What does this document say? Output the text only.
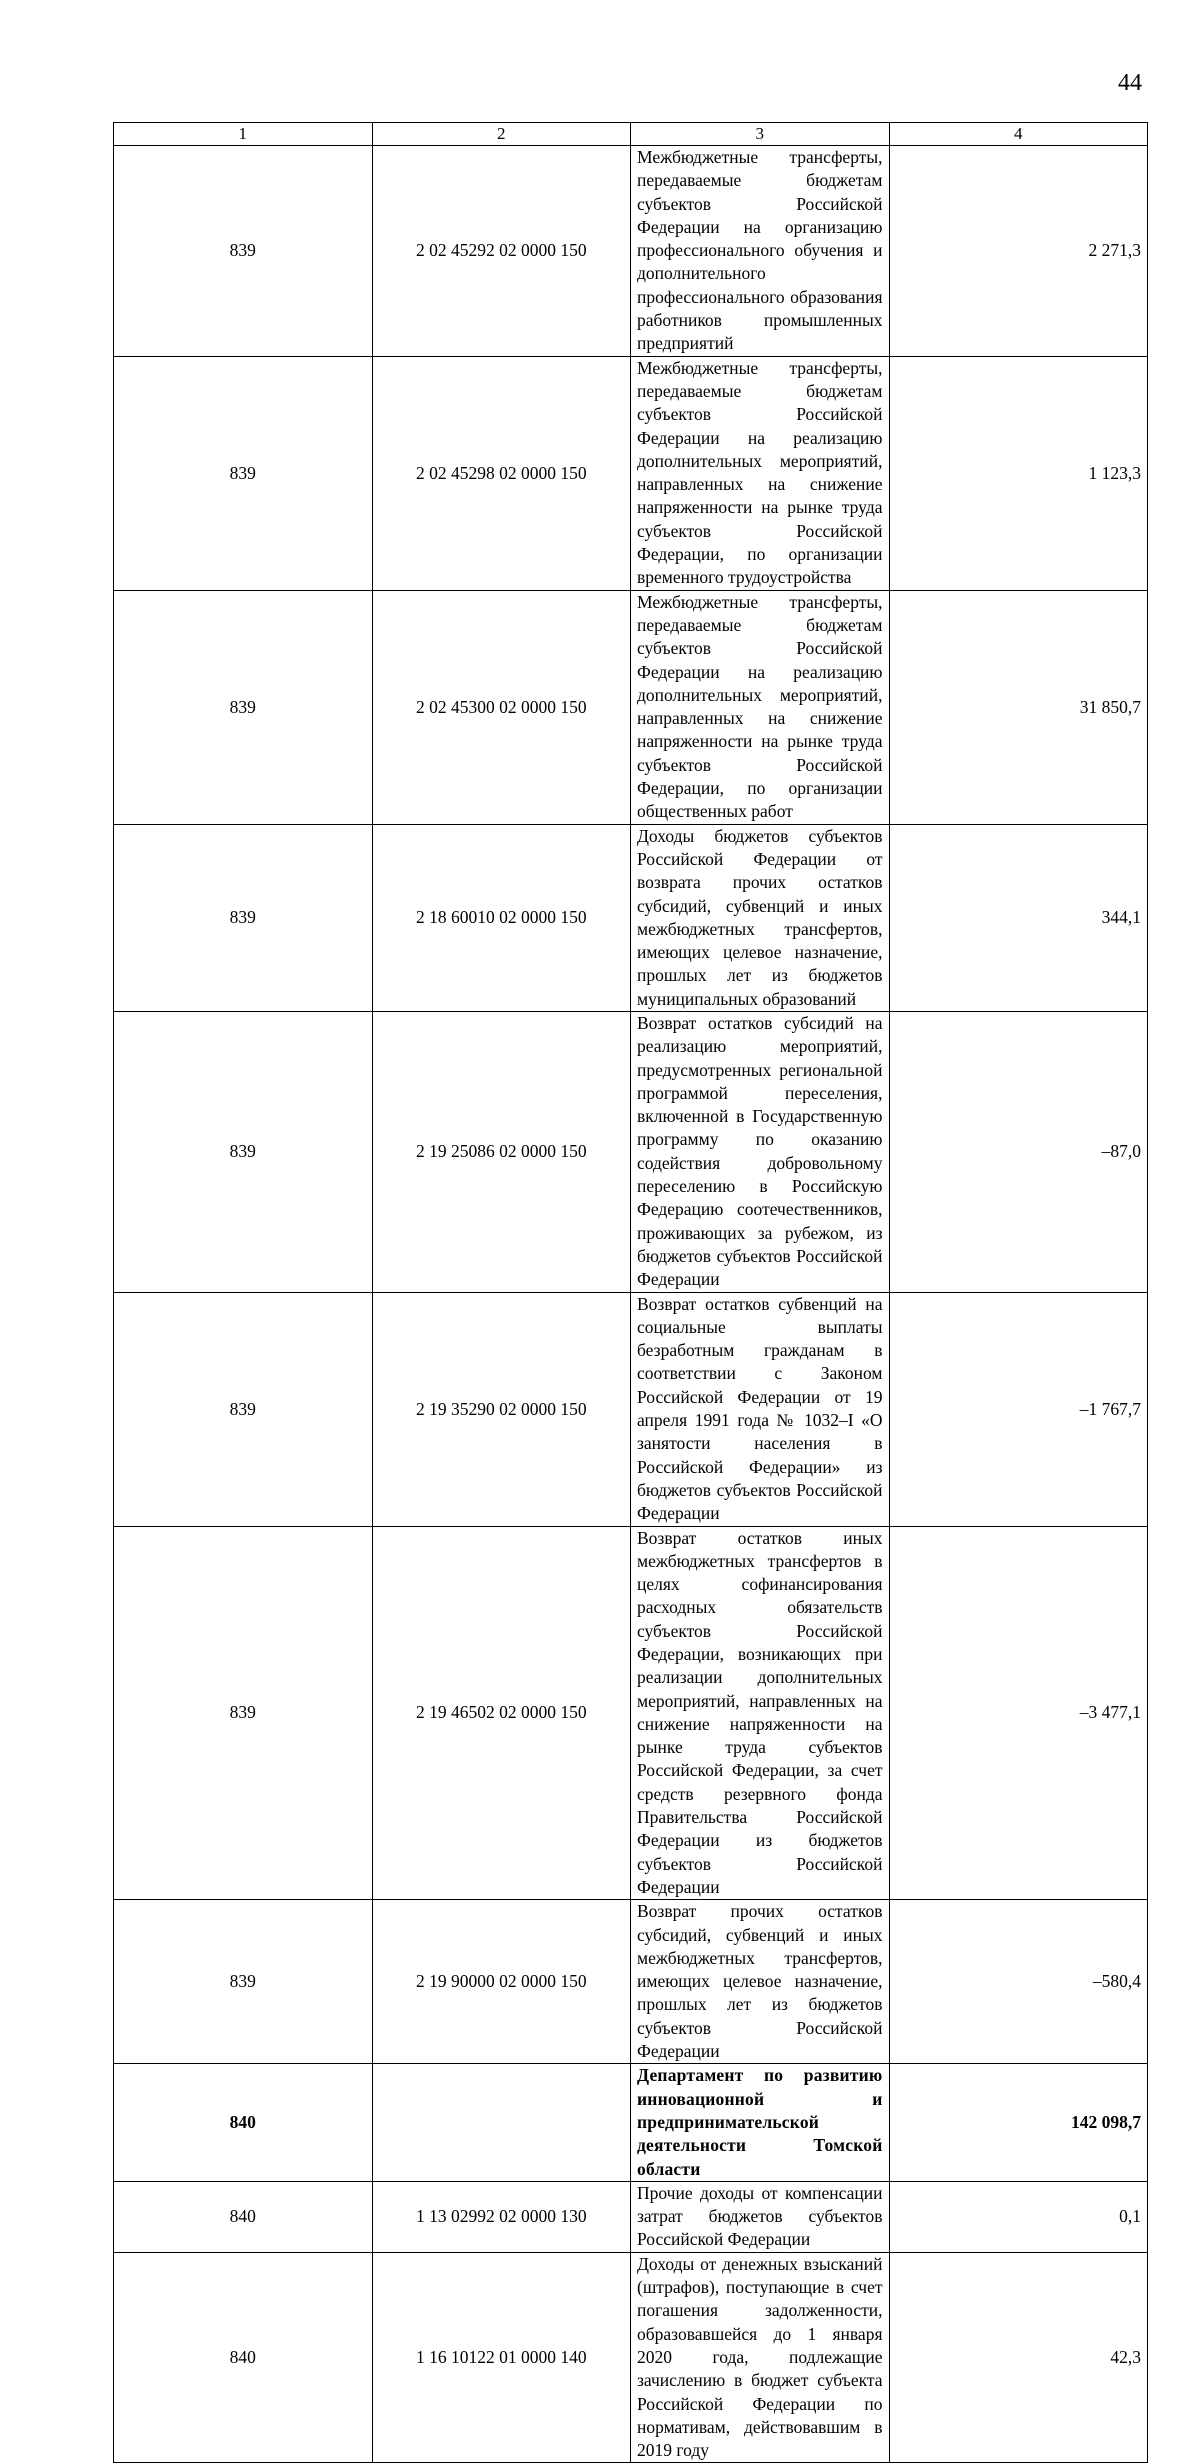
44
1	2	3	4
839	2 02 45292 02 0000 150	Межбюджетные трансферты, передаваемые бюджетам субъектов Российской Федерации на организацию профессионального обучения и дополнительного профессионального образования работников промышленных предприятий	2 271,3
839	2 02 45298 02 0000 150	Межбюджетные трансферты, передаваемые бюджетам субъектов Российской Федерации на реализацию дополнительных мероприятий, направленных на снижение напряженности на рынке труда субъектов Российской Федерации, по организации временного трудоустройства	1 123,3
839	2 02 45300 02 0000 150	Межбюджетные трансферты, передаваемые бюджетам субъектов Российской Федерации на реализацию дополнительных мероприятий, направленных на снижение напряженности на рынке труда субъектов Российской Федерации, по организации общественных работ	31 850,7
839	2 18 60010 02 0000 150	Доходы бюджетов субъектов Российской Федерации от возврата прочих остатков субсидий, субвенций и иных межбюджетных трансфертов, имеющих целевое назначение, прошлых лет из бюджетов муниципальных образований	344,1
839	2 19 25086 02 0000 150	Возврат остатков субсидий на реализацию мероприятий, предусмотренных региональной программой переселения, включенной в Государственную программу по оказанию содействия добровольному переселению в Российскую Федерацию соотечественников, проживающих за рубежом, из бюджетов субъектов Российской Федерации	–87,0
839	2 19 35290 02 0000 150	Возврат остатков субвенций на социальные выплаты безработным гражданам в соответствии с Законом Российской Федерации от 19 апреля 1991 года № 1032–I «О занятости населения в Российской Федерации» из бюджетов субъектов Российской Федерации	–1 767,7
839	2 19 46502 02 0000 150	Возврат остатков иных межбюджетных трансфертов в целях софинансирования расходных обязательств субъектов Российской Федерации, возникающих при реализации дополнительных мероприятий, направленных на снижение напряженности на рынке труда субъектов Российской Федерации, за счет средств резервного фонда Правительства Российской Федерации из бюджетов субъектов Российской Федерации	–3 477,1
839	2 19 90000 02 0000 150	Возврат прочих остатков субсидий, субвенций и иных межбюджетных трансфертов, имеющих целевое назначение, прошлых лет из бюджетов субъектов Российской Федерации	–580,4
840		Департамент по развитию инновационной и предпринимательской деятельности Томской области	142 098,7
840	1 13 02992 02 0000 130	Прочие доходы от компенсации затрат бюджетов субъектов Российской Федерации	0,1
840	1 16 10122 01 0000 140	Доходы от денежных взысканий (штрафов), поступающие в счет погашения задолженности, образовавшейся до 1 января 2020 года, подлежащие зачислению в бюджет субъекта Российской Федерации по нормативам, действовавшим в 2019 году	42,3
